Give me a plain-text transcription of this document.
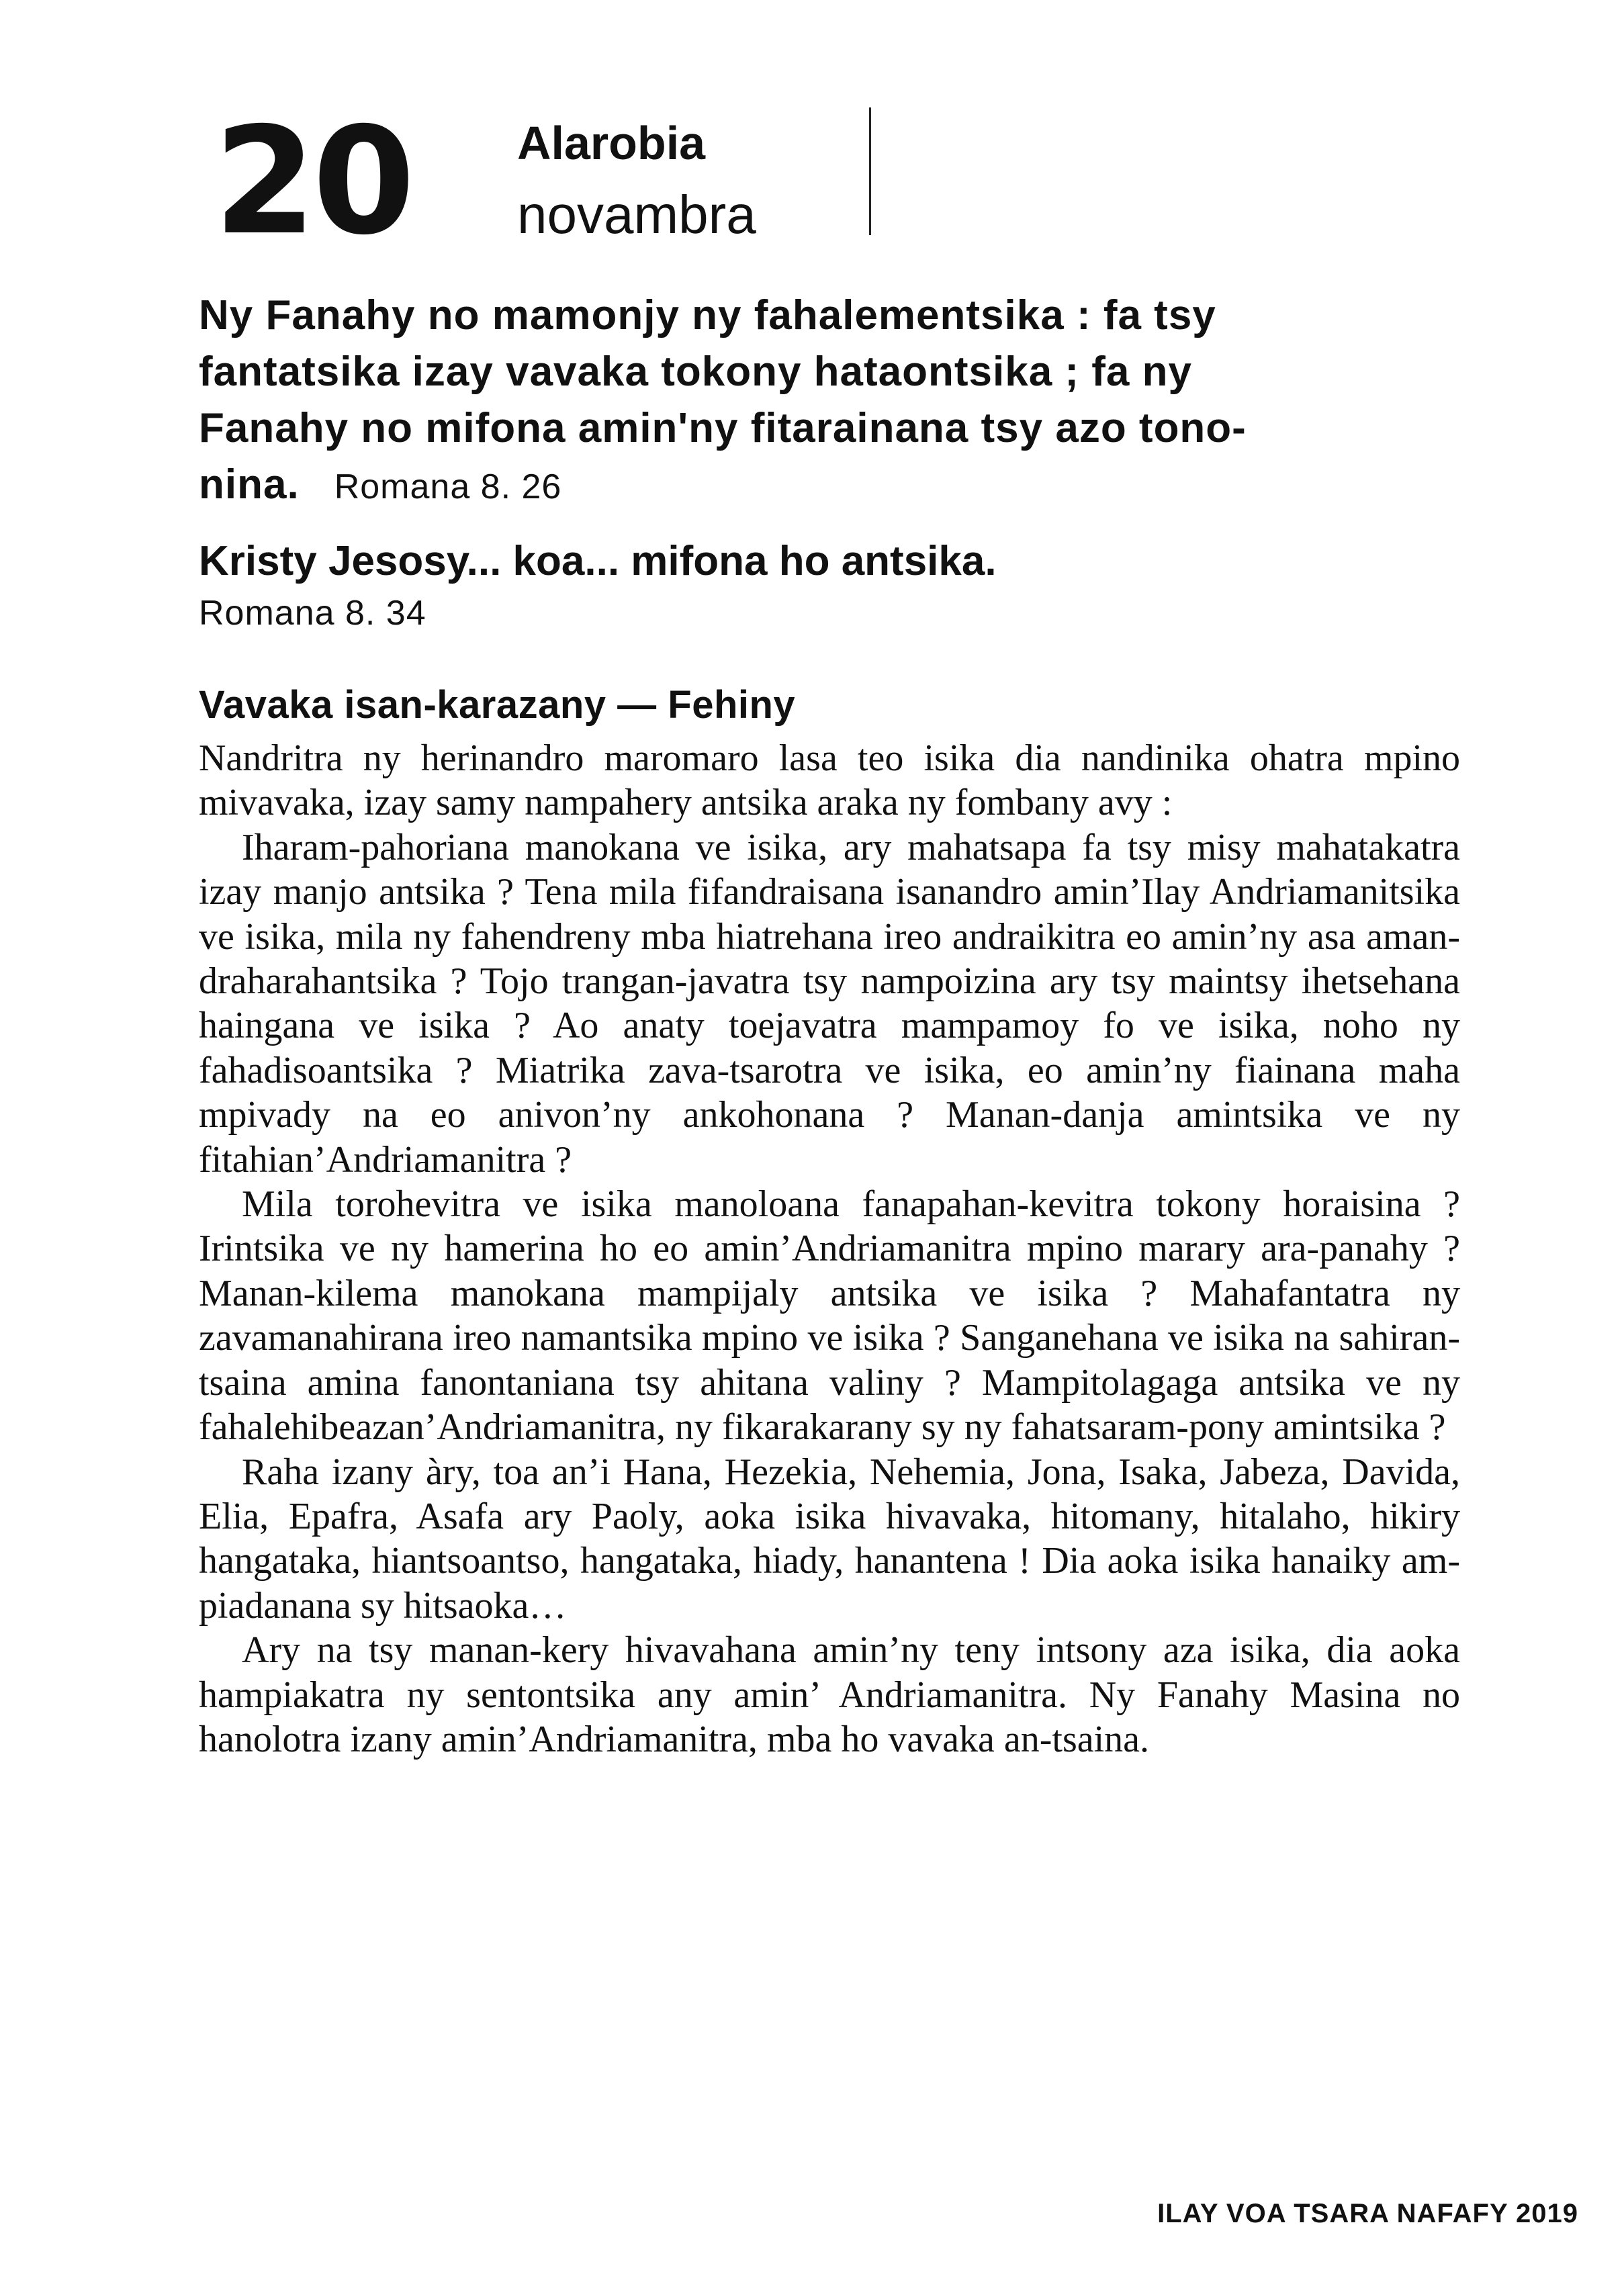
20 Alarobia
novambra
Ny Fanahy no mamonjy ny fahalementsika : fa tsy
fantatsika izay vavaka tokony hataontsika ; fa ny
Fanahy no mifona amin'ny fitarainana tsy azo tono-
nina. Romana 8. 26
Kristy Jesosy... koa... mifona ho antsika.
Romana 8. 34
Vavaka isan-karazany — Fehiny

Nandritra ny herinandro maromaro lasa teo isika dia nandinika ohatra mpino mivavaka, izay samy nampahery antsika araka ny fombany avy :

Iharam-pahoriana manokana ve isika, ary mahatsapa fa tsy misy mahatakatra izay manjo antsika ? Tena mila fifandraisana isanandro amin’Ilay Andriamanitsika ve isika, mila ny fahendreny mba hiatrehana ireo andraikitra eo amin’ny asa aman-draharahantsika ? Tojo trangan-javatra tsy nampoizina ary tsy maintsy ihetsehana haingana ve isika ? Ao anaty toejavatra mampamoy fo ve isika, noho ny fahadisoantsika ? Miatrika zava-tsarotra ve isika, eo amin’ny fiainana maha mpivady na eo anivon’ny ankohonana ? Manan-danja amintsika ve ny fitahian’Andriamanitra ?

Mila torohevitra ve isika manoloana fanapahan-kevitra tokony horaisina ? Irintsika ve ny hamerina ho eo amin’Andriamanitra mpino marary ara-panahy ? Manan-kilema manokana mampijaly antsika ve isika ? Mahafantatra ny zavamanahirana ireo namantsika mpino ve isika ? Sanganehana ve isika na sahiran-tsaina amina fanontaniana tsy ahitana valiny ? Mampitolagaga antsika ve ny fahalehibeazan’Andriamanitra, ny fikarakarany sy ny fahatsaram-pony amintsika ?

Raha izany àry, toa an’i Hana, Hezekia, Nehemia, Jona, Isaka, Jabeza, Davida, Elia, Epafra, Asafa ary Paoly, aoka isika hivavaka, hitomany, hitalaho, hikiry hangataka, hiantsoantso, hangataka, hiady, hanantena ! Dia aoka isika hanaiky am-piadanana sy hitsaoka…

Ary na tsy manan-kery hivavahana amin’ny teny intsony aza isika, dia aoka hampiakatra ny sentontsika any amin’ Andriamanitra. Ny Fanahy Masina no hanolotra izany amin’Andriamanitra, mba ho vavaka an-tsaina.

ILAY VOA TSARA NAFAFY 2019
